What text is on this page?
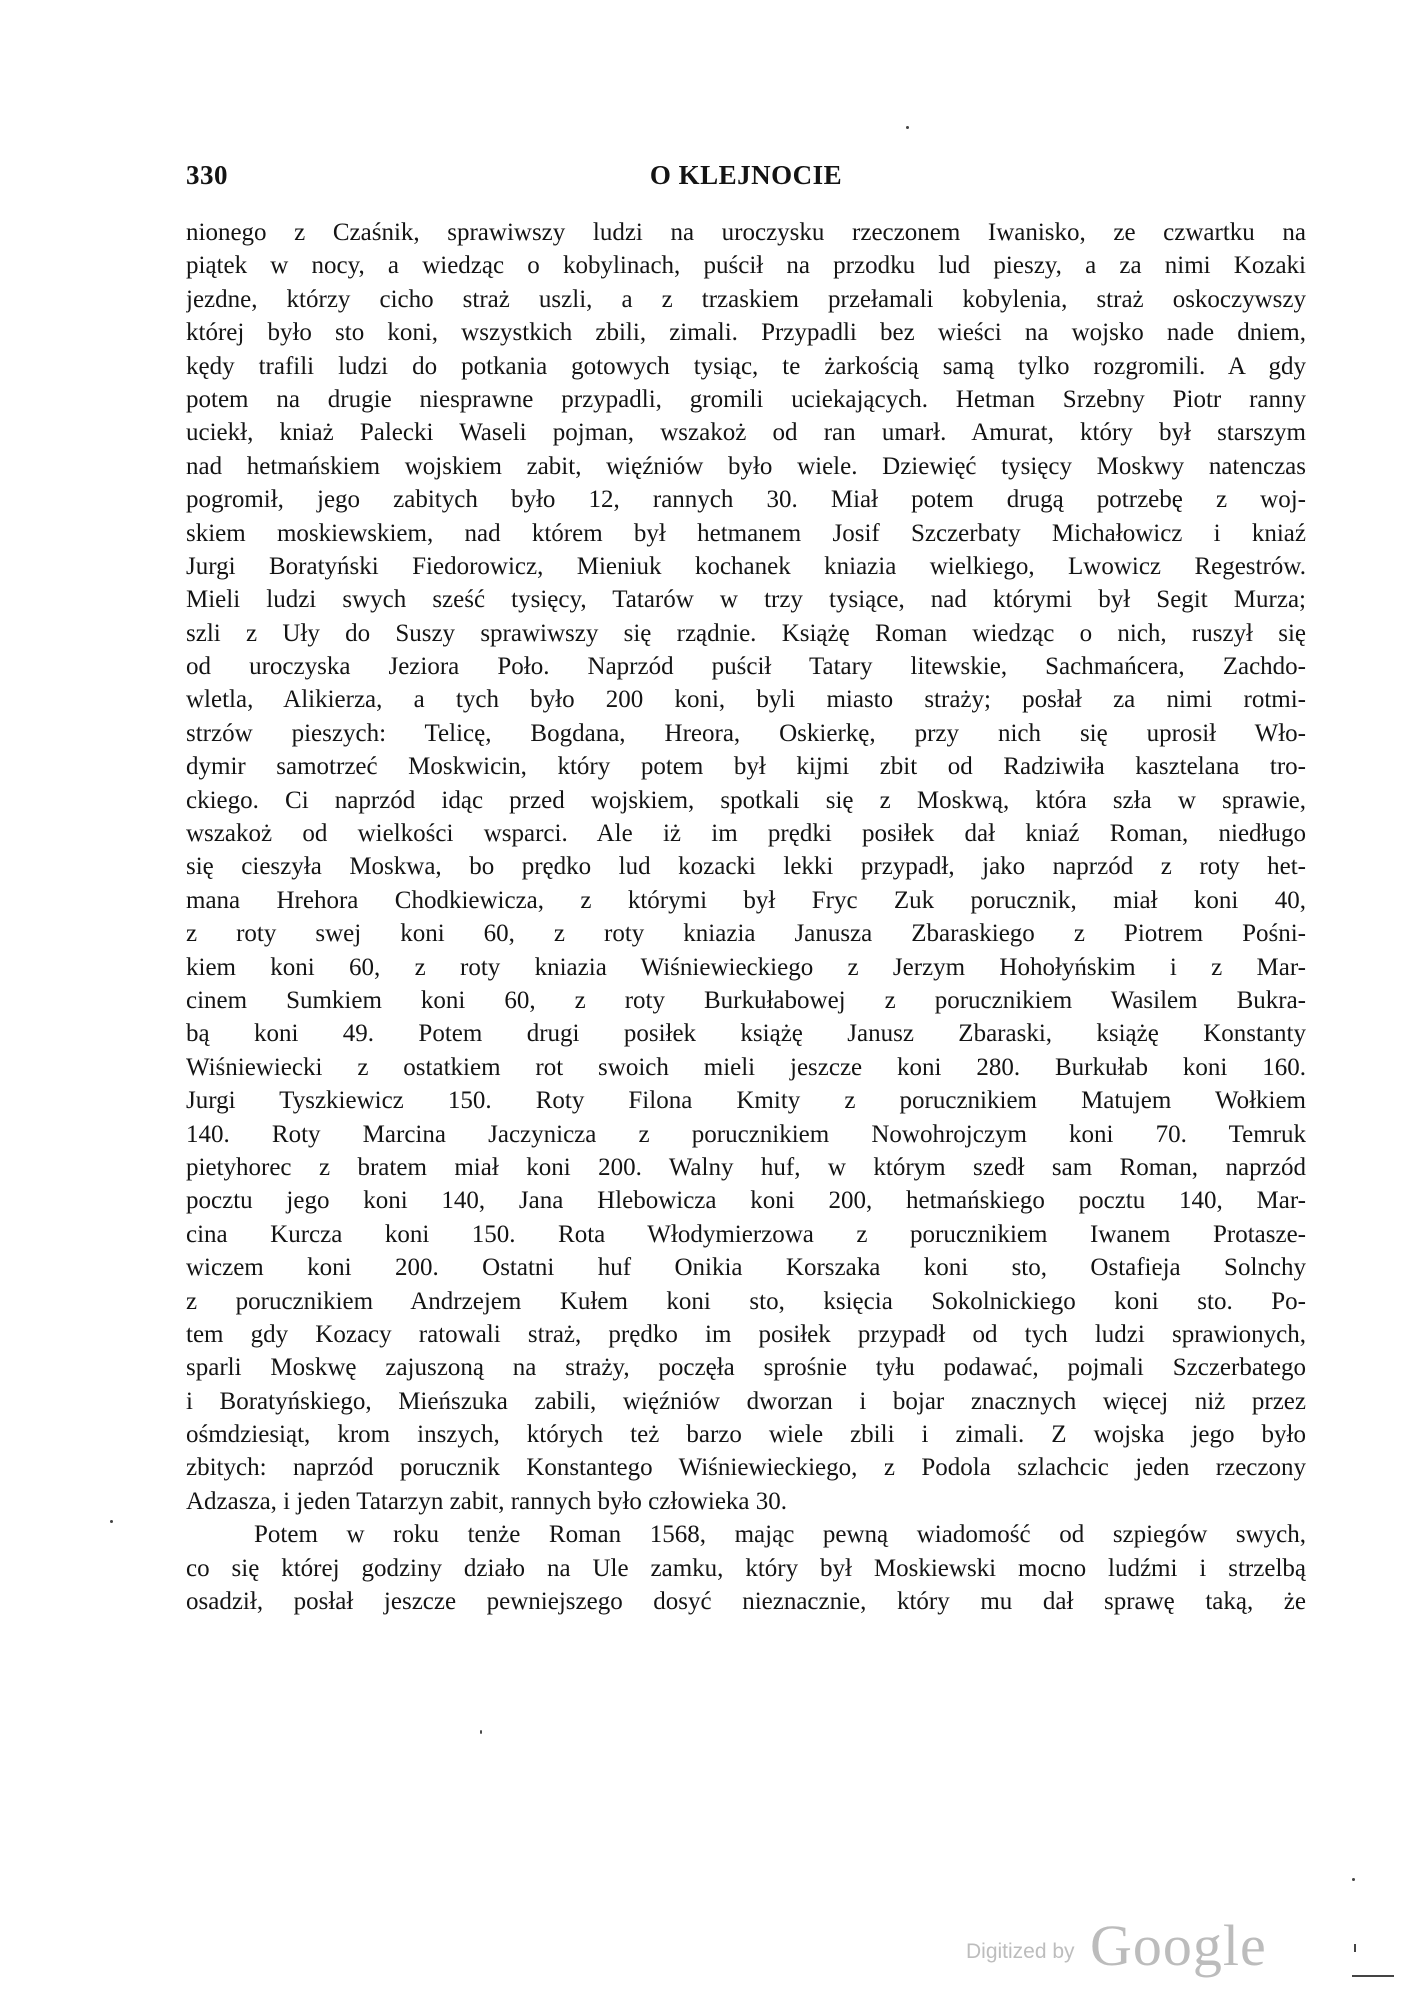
330	O KLEJNOCIE
nionego z Czaśnik, sprawiwszy ludzi na uroczysku rzeczonem Iwanisko, ze czwartku na
piątek w nocy, a wiedząc o kobylinach, puścił na przodku lud pieszy, a za nimi Kozaki
jezdne, którzy cicho straż uszli, a z trzaskiem przełamali kobylenia, straż oskoczywszy
której było sto koni, wszystkich zbili, zimali. Przypadli bez wieści na wojsko nade dniem,
kędy trafili ludzi do potkania gotowych tysiąc, te żarkością samą tylko rozgromili. A gdy
potem na drugie niesprawne przypadli, gromili uciekających. Hetman Srzebny Piotr ranny
uciekł, kniaż Palecki Waseli pojman, wszakoż od ran umarł. Amurat, który był starszym
nad hetmańskiem wojskiem zabit, więźniów było wiele. Dziewięć tysięcy Moskwy natenczas
pogromił, jego zabitych było 12, rannych 30. Miał potem drugą potrzebę z woj-
skiem moskiewskiem, nad którem był hetmanem Josif Szczerbaty Michałowicz i kniaź
Jurgi Boratyński Fiedorowicz, Mieniuk kochanek kniazia wielkiego, Lwowicz Regestrów.
Mieli ludzi swych sześć tysięcy, Tatarów w trzy tysiące, nad którymi był Segit Murza;
szli z Uły do Suszy sprawiwszy się rządnie. Książę Roman wiedząc o nich, ruszył się
od uroczyska Jeziora Poło. Naprzód puścił Tatary litewskie, Sachmańcera, Zachdo-
wletla, Alikierza, a tych było 200 koni, byli miasto straży; posłał za nimi rotmi-
strzów pieszych: Telicę, Bogdana, Hreora, Oskierkę, przy nich się uprosił Wło-
dymir samotrzeć Moskwicin, który potem był kijmi zbit od Radziwiła kasztelana tro-
ckiego. Ci naprzód idąc przed wojskiem, spotkali się z Moskwą, która szła w sprawie,
wszakoż od wielkości wsparci. Ale iż im prędki posiłek dał kniaź Roman, niedługo
się cieszyła Moskwa, bo prędko lud kozacki lekki przypadł, jako naprzód z roty het-
mana Hrehora Chodkiewicza, z którymi był Fryc Zuk porucznik, miał koni 40,
z roty swej koni 60, z roty kniazia Janusza Zbaraskiego z Piotrem Pośni-
kiem koni 60, z roty kniazia Wiśniewieckiego z Jerzym Hohołyńskim i z Mar-
cinem Sumkiem koni 60, z roty Burkułabowej z porucznikiem Wasilem Bukra-
bą koni 49. Potem drugi posiłek książę Janusz Zbaraski, książę Konstanty
Wiśniewiecki z ostatkiem rot swoich mieli jeszcze koni 280. Burkułab koni 160.
Jurgi Tyszkiewicz 150. Roty Filona Kmity z porucznikiem Matujem Wołkiem
140. Roty Marcina Jaczynicza z porucznikiem Nowohrojczym koni 70. Temruk
pietyhorec z bratem miał koni 200. Walny huf, w którym szedł sam Roman, naprzód
pocztu jego koni 140, Jana Hlebowicza koni 200, hetmańskiego pocztu 140, Mar-
cina Kurcza koni 150. Rota Włodymierzowa z porucznikiem Iwanem Protasze-
wiczem koni 200. Ostatni huf Onikia Korszaka koni sto, Ostafieja Solnchy
z porucznikiem Andrzejem Kułem koni sto, księcia Sokolnickiego koni sto. Po-
tem gdy Kozacy ratowali straż, prędko im posiłek przypadł od tych ludzi sprawionych,
sparli Moskwę zajuszoną na straży, poczęła sprośnie tyłu podawać, pojmali Szczerbatego
i Boratyńskiego, Mieńszuka zabili, więźniów dworzan i bojar znacznych więcej niż przez
ośmdziesiąt, krom inszych, których też barzo wiele zbili i zimali. Z wojska jego było
zbitych: naprzód porucznik Konstantego Wiśniewieckiego, z Podola szlachcic jeden rzeczony
Adzasza, i jeden Tatarzyn zabit, rannych było człowieka 30.
Potem w roku tenże Roman 1568, mając pewną wiadomość od szpiegów swych,
co się której godziny działo na Ule zamku, który był Moskiewski mocno ludźmi i strzelbą
osadził, posłał jeszcze pewniejszego dosyć nieznacznie, który mu dał sprawę taką, że
Digitized by Google
